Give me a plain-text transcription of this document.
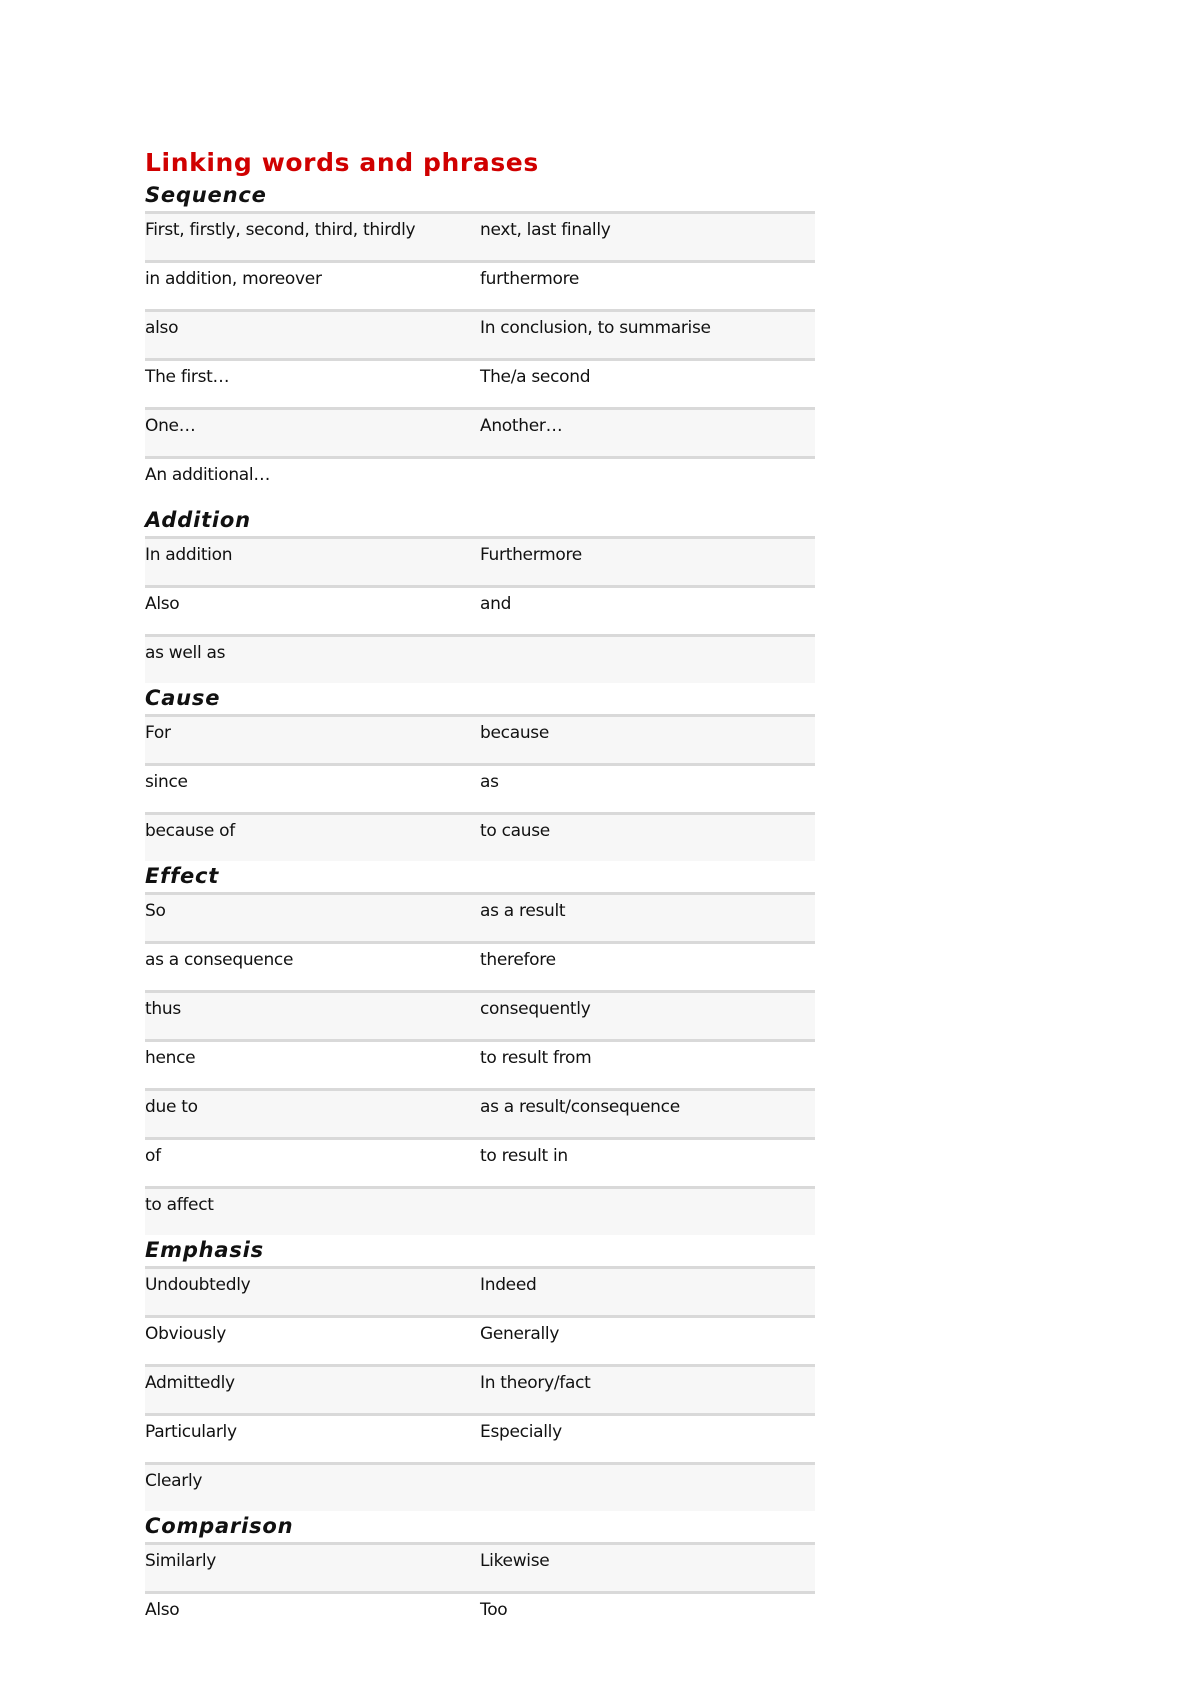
Linking words and phrases
Sequence
First, firstly, second, third, thirdly	next, last finally
in addition, moreover	furthermore
also	In conclusion, to summarise
The first…	The/a second
One…	Another…
An additional…	
Addition
In addition	Furthermore
Also	and
as well as	
Cause
For	because
since	as
because of	to cause
Effect
So	as a result
as a consequence	therefore
thus	consequently
hence	to result from
due to	as a result/consequence
of	to result in
to affect	
Emphasis
Undoubtedly	Indeed
Obviously	Generally
Admittedly	In theory/fact
Particularly	Especially
Clearly	
Comparison
Similarly	Likewise
Also	Too
